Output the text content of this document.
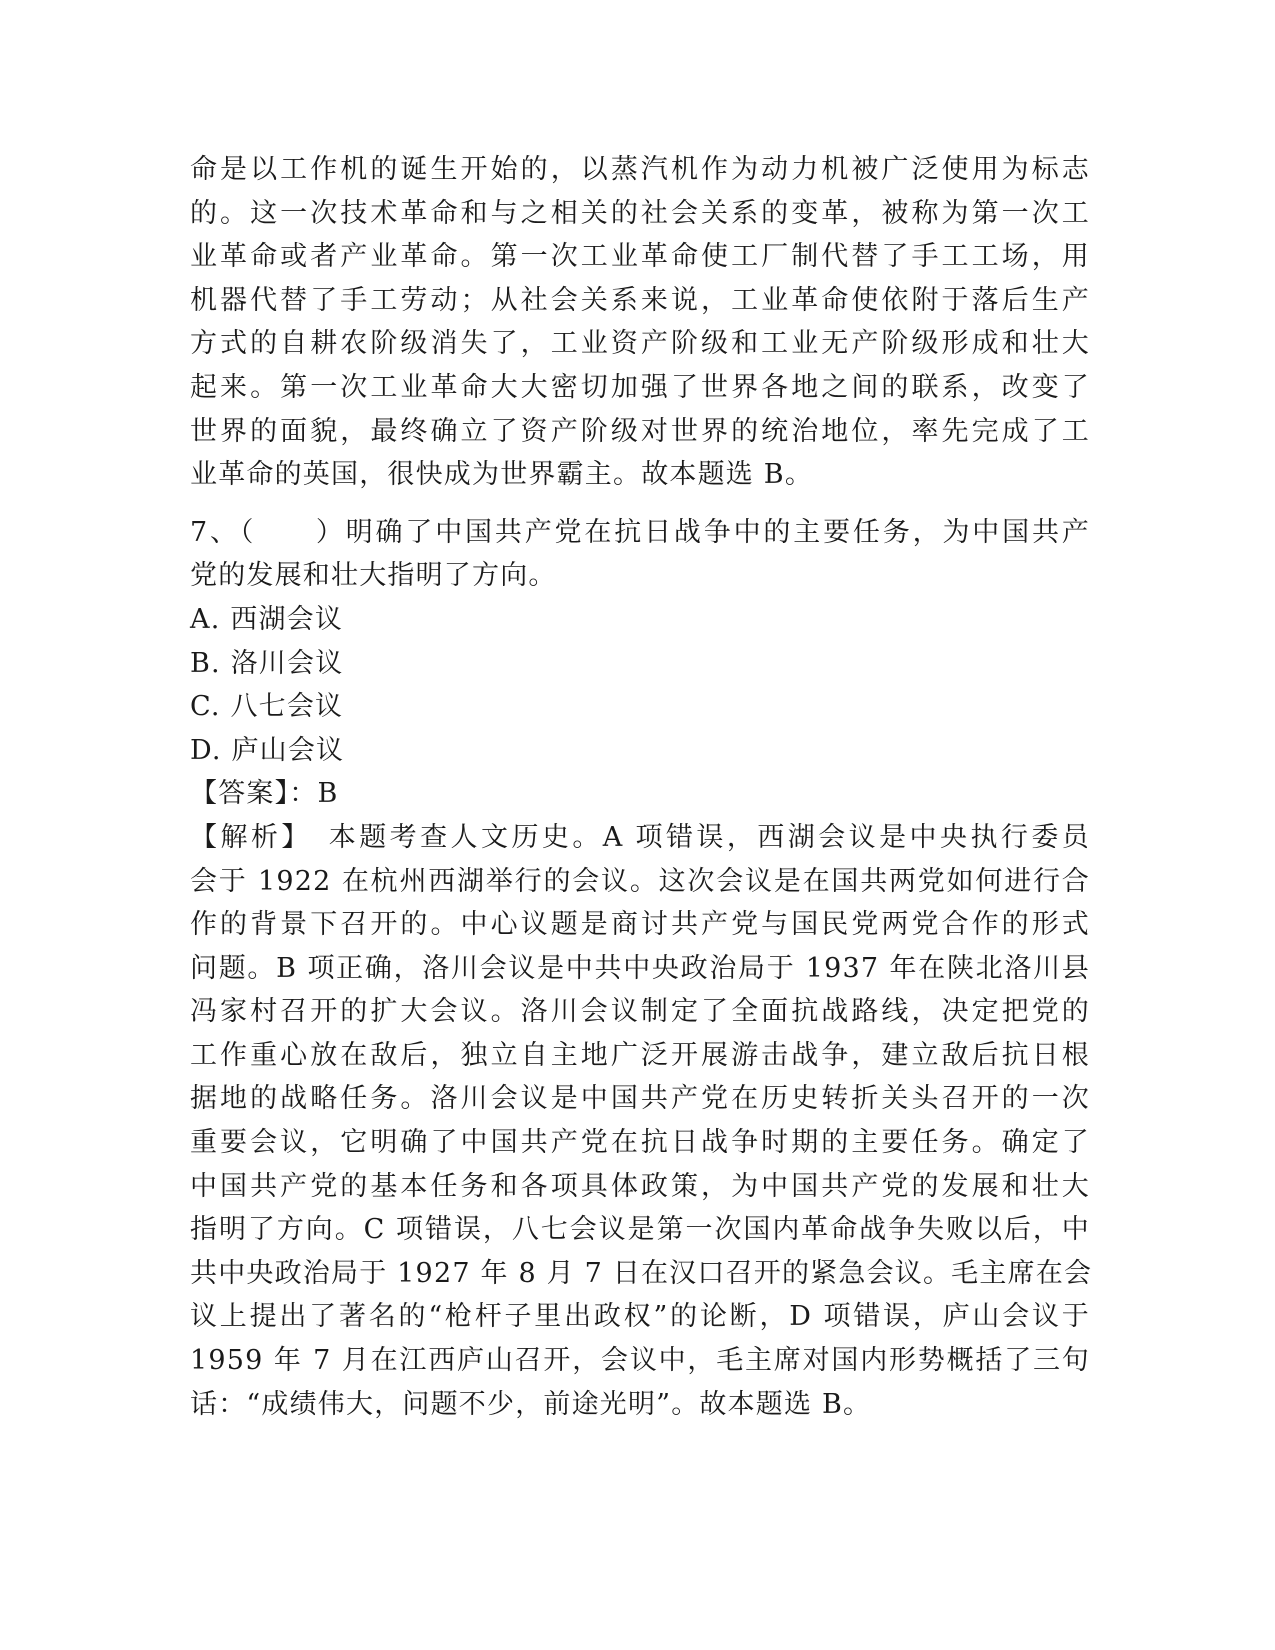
命是以工作机的诞生开始的，以蒸汽机作为动力机被广泛使用为标志
的。这一次技术革命和与之相关的社会关系的变革，被称为第一次工
业革命或者产业革命。第一次工业革命使工厂制代替了手工工场，用
机器代替了手工劳动；从社会关系来说，工业革命使依附于落后生产
方式的自耕农阶级消失了，工业资产阶级和工业无产阶级形成和壮大
起来。第一次工业革命大大密切加强了世界各地之间的联系，改变了
世界的面貌，最终确立了资产阶级对世界的统治地位，率先完成了工
业革命的英国，很快成为世界霸主。故本题选 B。
7、（　　）明确了中国共产党在抗日战争中的主要任务，为中国共产
党的发展和壮大指明了方向。
A. 西湖会议
B. 洛川会议
C. 八七会议
D. 庐山会议
【答案】：B
【解析】　本题考查人文历史。A 项错误，西湖会议是中央执行委员
会于 1922 在杭州西湖举行的会议。这次会议是在国共两党如何进行合
作的背景下召开的。中心议题是商讨共产党与国民党两党合作的形式
问题。B 项正确，洛川会议是中共中央政治局于 1937 年在陕北洛川县
冯家村召开的扩大会议。洛川会议制定了全面抗战路线，决定把党的
工作重心放在敌后，独立自主地广泛开展游击战争，建立敌后抗日根
据地的战略任务。洛川会议是中国共产党在历史转折关头召开的一次
重要会议，它明确了中国共产党在抗日战争时期的主要任务。确定了
中国共产党的基本任务和各项具体政策，为中国共产党的发展和壮大
指明了方向。C 项错误，八七会议是第一次国内革命战争失败以后，中
共中央政治局于 1927 年 8 月 7 日在汉口召开的紧急会议。毛主席在会
议上提出了著名的“枪杆子里出政权”的论断，D 项错误，庐山会议于
1959 年 7 月在江西庐山召开，会议中，毛主席对国内形势概括了三句
话：“成绩伟大，问题不少，前途光明”。故本题选 B。
